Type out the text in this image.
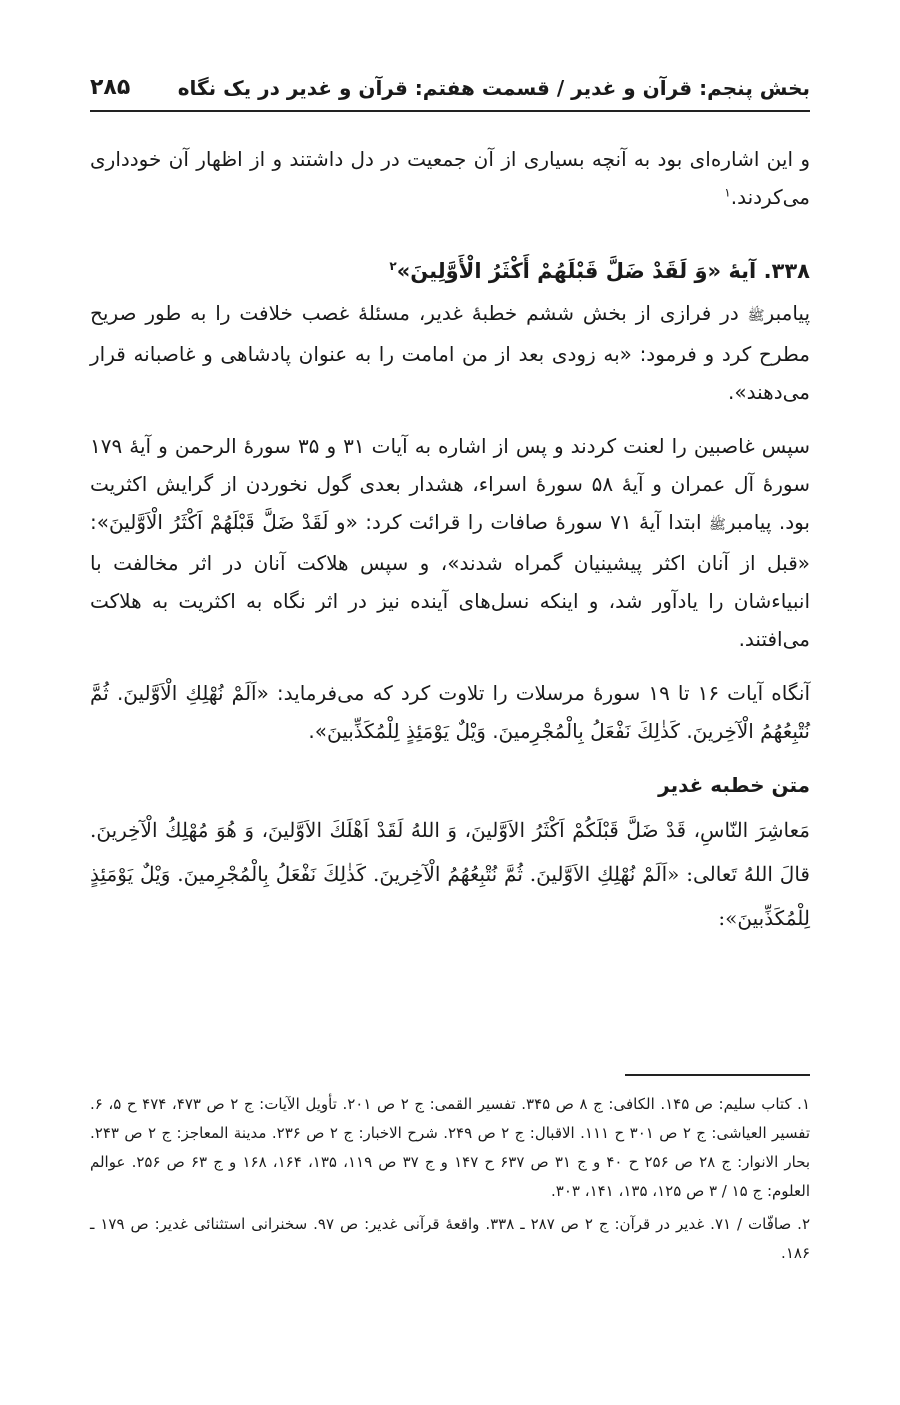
بخش پنجم: قرآن و غدیر / قسمت هفتم: قرآن و غدیر در یک نگاه
۲۸۵

و این اشاره‌ای بود به آنچه بسیاری از آن جمعیت در دل داشتند و از اظهار آن خودداری می‌کردند.$^۱$

۳۳۸. آیهٔ «وَ لَقَدْ ضَلَّ قَبْلَهُمْ أَكْثَرُ الْأَوَّلِينَ»$^۲$

پیامبرﷺ در فرازی از بخش ششم خطبهٔ غدیر، مسئلهٔ غصب خلافت را به طور صریح مطرح کرد و فرمود: «به زودی بعد از من امامت را به عنوان پادشاهی و غاصبانه قرار می‌دهند».

سپس غاصبین را لعنت کردند و پس از اشاره به آیات ۳۱ و ۳۵ سورهٔ الرحمن و آیهٔ ۱۷۹ سورهٔ آل عمران و آیهٔ ۵۸ سورهٔ اسراء، هشدار بعدی گول نخوردن از گرایش اکثریت بود. پیامبرﷺ ابتدا آیهٔ ۷۱ سورهٔ صافات را قرائت کرد: «و لَقَدْ ضَلَّ قَبْلَهُمْ اَكْثَرُ الْاَوَّلينَ»: «قبل از آنان اکثر پیشینیان گمراه شدند»، و سپس هلاکت آنان در اثر مخالفت با انبیاءشان را یادآور شد، و اینکه نسل‌های آینده نیز در اثر نگاه به اکثریت به هلاکت می‌افتند.

آنگاه آیات ۱۶ تا ۱۹ سورهٔ مرسلات را تلاوت کرد که می‌فرماید: «اَلَمْ نُهْلِكِ الْاَوَّلينَ. ثُمَّ نُتْبِعُهُمُ الْآخِرينَ. كَذٰلِكَ نَفْعَلُ بِالْمُجْرِمينَ. وَيْلٌ يَوْمَئِذٍ لِلْمُكَذِّبينَ».

متن خطبه غدیر

مَعاشِرَ النّاسِ، قَدْ ضَلَّ قَبْلَكُمْ اَكْثَرُ الاَوَّلينَ، وَ اللهُ لَقَدْ اَهْلَكَ الاَوَّلينَ، وَ هُوَ مُهْلِكُ الْآخِرينَ. قالَ اللهُ تَعالى: «اَلَمْ نُهْلِكِ الاَوَّلينَ. ثُمَّ نُتْبِعُهُمُ الْآخِرينَ. كَذٰلِكَ نَفْعَلُ بِالْمُجْرِمينَ. وَيْلٌ يَوْمَئِذٍ لِلْمُكَذِّبينَ»:

۱. کتاب سلیم: ص ۱۴۵. الکافی: ج ۸ ص ۳۴۵. تفسیر القمی: ج ۲ ص ۲۰۱. تأویل الآیات: ج ۲ ص ۴۷۳، ۴۷۴ ح ۵، ۶. تفسیر العیاشی: ج ۲ ص ۳۰۱ ح ۱۱۱. الاقبال: ج ۲ ص ۲۴۹. شرح الاخبار: ج ۲ ص ۲۳۶. مدینة المعاجز: ج ۲ ص ۲۴۳. بحار الانوار: ج ۲۸ ص ۲۵۶ ح ۴۰ و ج ۳۱ ص ۶۳۷ ح ۱۴۷ و ج ۳۷ ص ۱۱۹، ۱۳۵، ۱۶۴، ۱۶۸ و ج ۶۳ ص ۲۵۶. عوالم العلوم: ج ۱۵ / ۳ ص ۱۲۵، ۱۳۵، ۱۴۱، ۳۰۳.

۲. صافّات / ۷۱. غدیر در قرآن: ج ۲ ص ۲۸۷ ـ ۳۳۸. واقعهٔ قرآنی غدیر: ص ۹۷. سخنرانی استثنائی غدیر: ص ۱۷۹ ـ ۱۸۶.
